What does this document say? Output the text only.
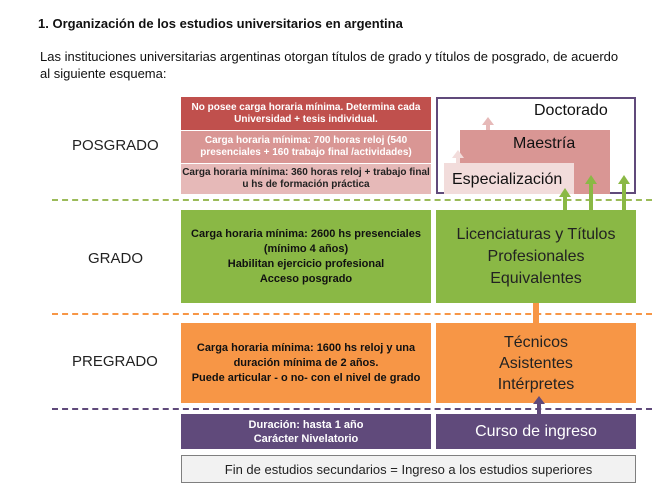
1. Organización de los estudios universitarios en argentina
Las instituciones universitarias argentinas otorgan títulos de grado y títulos de posgrado, de acuerdo al siguiente esquema:
POSGRADO
GRADO
PREGRADO
No posee carga horaria mínima. Determina cada Universidad + tesis individual.
Carga horaria mínima: 700 horas reloj (540 presenciales + 160 trabajo final /actividades)
Carga horaria mínima: 360 horas reloj + trabajo final u hs de formación práctica
Doctorado
Maestría
Especialización
Carga horaria mínima: 2600 hs presenciales
(mínimo 4 años)
Habilitan ejercicio profesional
Acceso posgrado
Licenciaturas y Títulos
Profesionales
Equivalentes
Carga horaria mínima: 1600 hs reloj y una
duración mínima de 2 años.
Puede articular - o no- con el nivel de grado
Técnicos
Asistentes
Intérpretes
Duración: hasta 1 año
Carácter Nivelatorio	Curso de ingreso
Fin de estudios secundarios = Ingreso a los estudios superiores
